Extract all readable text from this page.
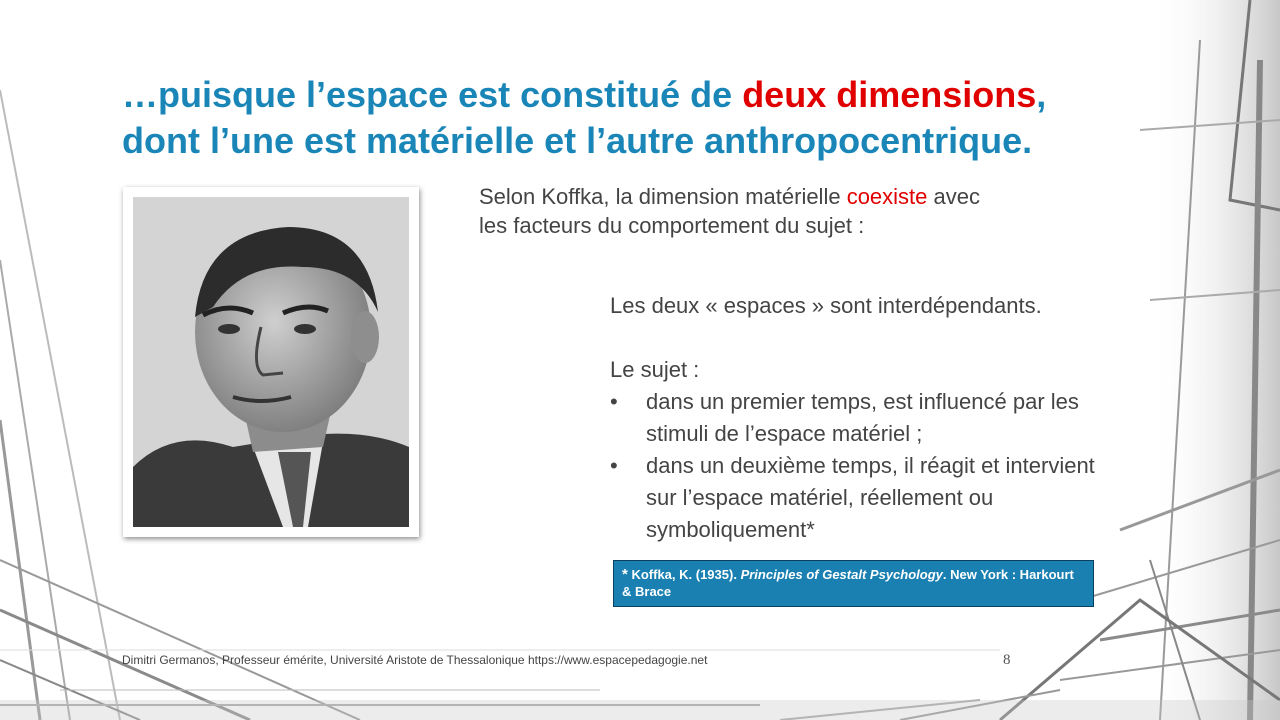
…puisque l’espace est constitué de deux dimensions,
dont l’une est matérielle et l’autre anthropocentrique.
Selon Koffka, la dimension matérielle coexiste avec
les facteurs du comportement du sujet :

Les deux « espaces » sont interdépendants.

Le sujet :

• dans un premier temps, est influencé par les stimuli de l’espace matériel ;
• dans un deuxième temps, il réagit et intervient sur l’espace matériel, réellement ou symboliquement*
* Koffka, K. (1935). Principles of Gestalt Psychology. New York : Harkourt & Brace
Dimitri Germanos, Professeur émérite, Université Aristote de Thessalonique https://www.espacepedagogie.net	8
